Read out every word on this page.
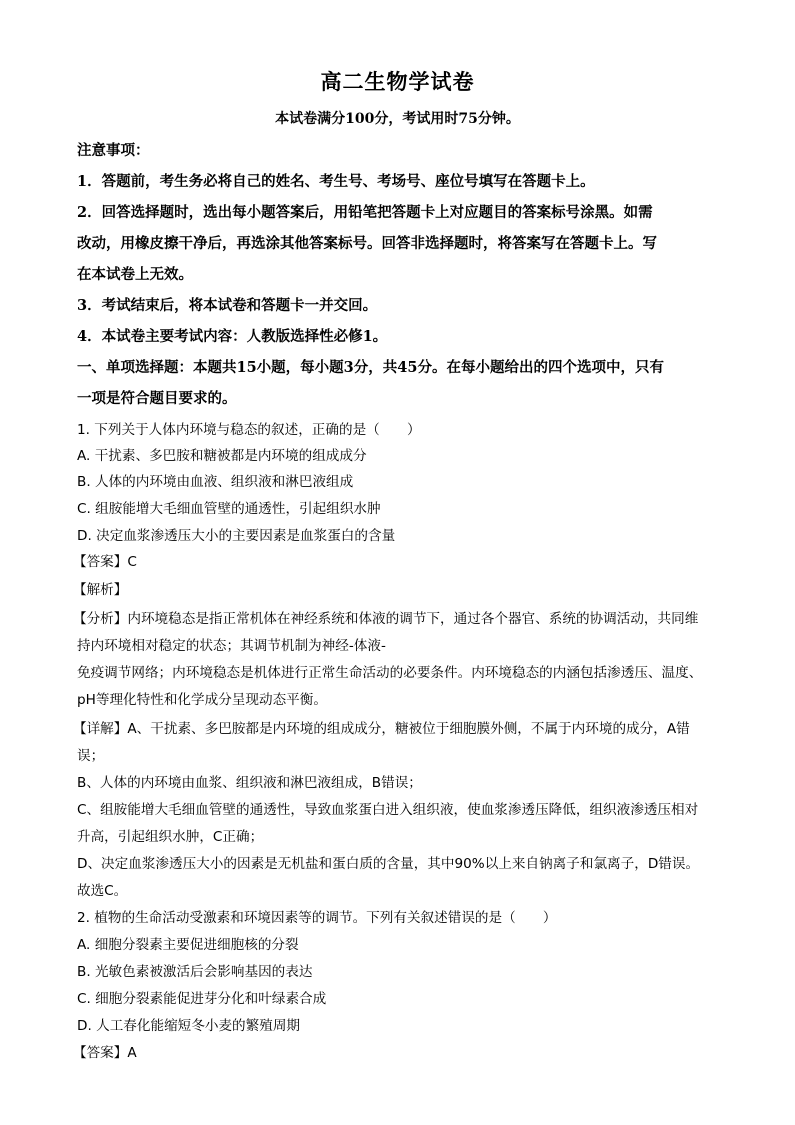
高二生物学试卷
本试卷满分100分，考试用时75分钟。
注意事项：
1．答题前，考生务必将自己的姓名、考生号、考场号、座位号填写在答题卡上。
2．回答选择题时，选出每小题答案后，用铅笔把答题卡上对应题目的答案标号涂黑。如需
改动，用橡皮擦干净后，再选涂其他答案标号。回答非选择题时，将答案写在答题卡上。写
在本试卷上无效。
3．考试结束后，将本试卷和答题卡一并交回。
4．本试卷主要考试内容：人教版选择性必修1。
一、单项选择题：本题共15小题，每小题3分，共45分。在每小题给出的四个选项中，只有
一项是符合题目要求的。
1. 下列关于人体内环境与稳态的叙述，正确的是（　　）
A. 干扰素、多巴胺和糖被都是内环境的组成成分
B. 人体的内环境由血液、组织液和淋巴液组成
C. 组胺能增大毛细血管壁的通透性，引起组织水肿
D. 决定血浆渗透压大小的主要因素是血浆蛋白的含量
【答案】C
【解析】
【分析】内环境稳态是指正常机体在神经系统和体液的调节下，通过各个器官、系统的协调活动，共同维
持内环境相对稳定的状态；其调节机制为神经-体液-
免疫调节网络；内环境稳态是机体进行正常生命活动的必要条件。内环境稳态的内涵包括渗透压、温度、
pH等理化特性和化学成分呈现动态平衡。
【详解】A、干扰素、多巴胺都是内环境的组成成分，糖被位于细胞膜外侧，不属于内环境的成分，A错
误；
B、人体的内环境由血浆、组织液和淋巴液组成，B错误；
C、组胺能增大毛细血管壁的通透性，导致血浆蛋白进入组织液，使血浆渗透压降低，组织液渗透压相对
升高，引起组织水肿，C正确；
D、决定血浆渗透压大小的因素是无机盐和蛋白质的含量，其中90%以上来自钠离子和氯离子，D错误。
故选C。
2. 植物的生命活动受激素和环境因素等的调节。下列有关叙述错误的是（　　）
A. 细胞分裂素主要促进细胞核的分裂
B. 光敏色素被激活后会影响基因的表达
C. 细胞分裂素能促进芽分化和叶绿素合成
D. 人工春化能缩短冬小麦的繁殖周期
【答案】A
